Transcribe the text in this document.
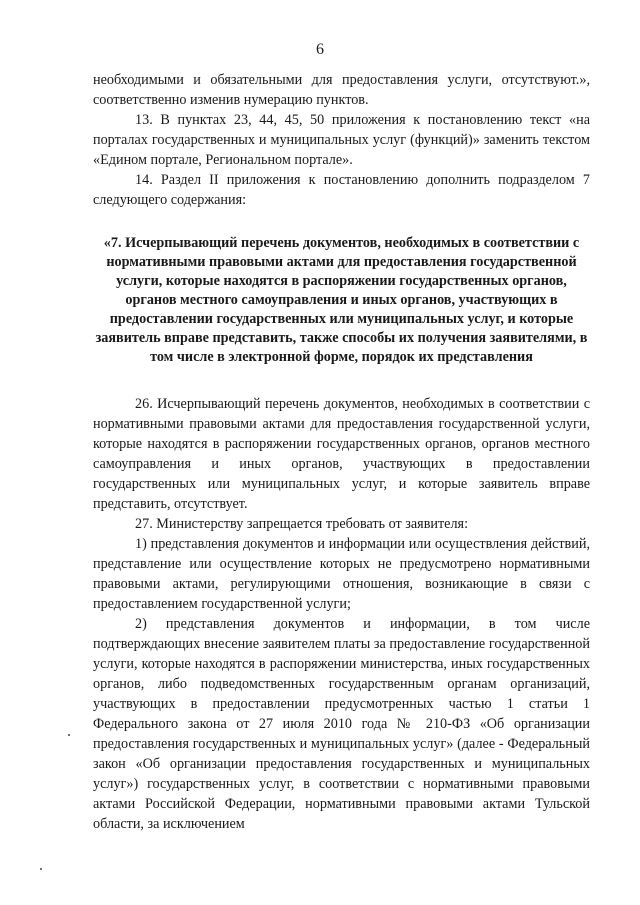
6

необходимыми и обязательными для предоставления услуги, отсутствуют.», соответственно изменив нумерацию пунктов.

13. В пунктах 23, 44, 45, 50 приложения к постановлению текст «на порталах государственных и муниципальных услуг (функций)» заменить текстом «Едином портале, Региональном портале».

14. Раздел II приложения к постановлению дополнить подразделом 7 следующего содержания:

«7. Исчерпывающий перечень документов, необходимых в соответствии с нормативными правовыми актами для предоставления государственной услуги, которые находятся в распоряжении государственных органов, органов местного самоуправления и иных органов, участвующих в предоставлении государственных или муниципальных услуг, и которые заявитель вправе представить, также способы их получения заявителями, в том числе в электронной форме, порядок их представления

26. Исчерпывающий перечень документов, необходимых в соответствии с нормативными правовыми актами для предоставления государственной услуги, которые находятся в распоряжении государственных органов, органов местного самоуправления и иных органов, участвующих в предоставлении государственных или муниципальных услуг, и которые заявитель вправе представить, отсутствует.

27. Министерству запрещается требовать от заявителя:

1) представления документов и информации или осуществления действий, представление или осуществление которых не предусмотрено нормативными правовыми актами, регулирующими отношения, возникающие в связи с предоставлением государственной услуги;

2) представления документов и информации, в том числе подтверждающих внесение заявителем платы за предоставление государственной услуги, которые находятся в распоряжении министерства, иных государственных органов, либо подведомственных государственным органам организаций, участвующих в предоставлении предусмотренных частью 1 статьи 1 Федерального закона от 27 июля 2010 года № 210-ФЗ «Об организации предоставления государственных и муниципальных услуг» (далее - Федеральный закон «Об организации предоставления государственных и муниципальных услуг») государственных услуг, в соответствии с нормативными правовыми актами Российской Федерации, нормативными правовыми актами Тульской области, за исключением
